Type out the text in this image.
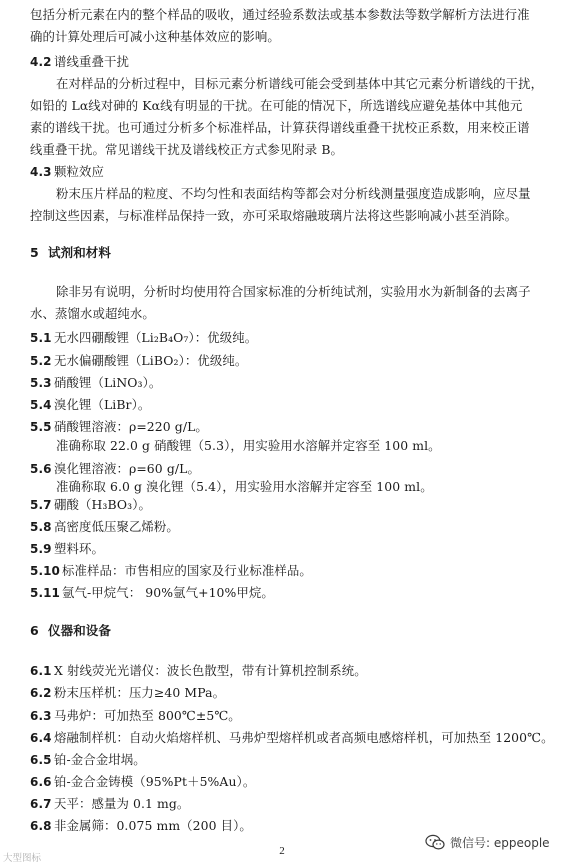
包括分析元素在内的整个样品的吸收，通过经验系数法或基本参数法等数学解析方法进行准
确的计算处理后可减小这种基体效应的影响。
4.2 谱线重叠干扰
在对样品的分析过程中，目标元素分析谱线可能会受到基体中其它元素分析谱线的干扰，
如铅的 Lα线对砷的 Kα线有明显的干扰。在可能的情况下，所选谱线应避免基体中其他元
素的谱线干扰。也可通过分析多个标准样品，计算获得谱线重叠干扰校正系数，用来校正谱
线重叠干扰。常见谱线干扰及谱线校正方式参见附录 B。
4.3 颗粒效应
粉末压片样品的粒度、不均匀性和表面结构等都会对分析线测量强度造成影响，应尽量
控制这些因素，与标准样品保持一致，亦可采取熔融玻璃片法将这些影响减小甚至消除。
5 试剂和材料
除非另有说明，分析时均使用符合国家标准的分析纯试剂，实验用水为新制备的去离子
水、蒸馏水或超纯水。
5.1 无水四硼酸锂（Li₂B₄O₇）：优级纯。
5.2 无水偏硼酸锂（LiBO₂）：优级纯。
5.3 硝酸锂（LiNO₃）。
5.4 溴化锂（LiBr）。
5.5 硝酸锂溶液：ρ=220 g/L。
准确称取 22.0 g 硝酸锂（5.3），用实验用水溶解并定容至 100 ml。
5.6 溴化锂溶液：ρ=60 g/L。
准确称取 6.0 g 溴化锂（5.4），用实验用水溶解并定容至 100 ml。
5.7 硼酸（H₃BO₃）。
5.8 高密度低压聚乙烯粉。
5.9 塑料环。
5.10 标准样品：市售相应的国家及行业标准样品。
5.11 氩气-甲烷气： 90%氩气+10%甲烷。
6 仪器和设备
6.1 X 射线荧光光谱仪：波长色散型，带有计算机控制系统。
6.2 粉末压样机：压力≥40 MPa。
6.3 马弗炉：可加热至 800℃±5℃。
6.4 熔融制样机：自动火焰熔样机、马弗炉型熔样机或者高频电感熔样机，可加热至 1200℃。
6.5 铂-金合金坩埚。
6.6 铂-金合金铸模（95%Pt＋5%Au）。
6.7 天平：感量为 0.1 mg。
6.8 非金属筛：0.075 mm（200 目）。
2
微信号: eppeople
大型图标
